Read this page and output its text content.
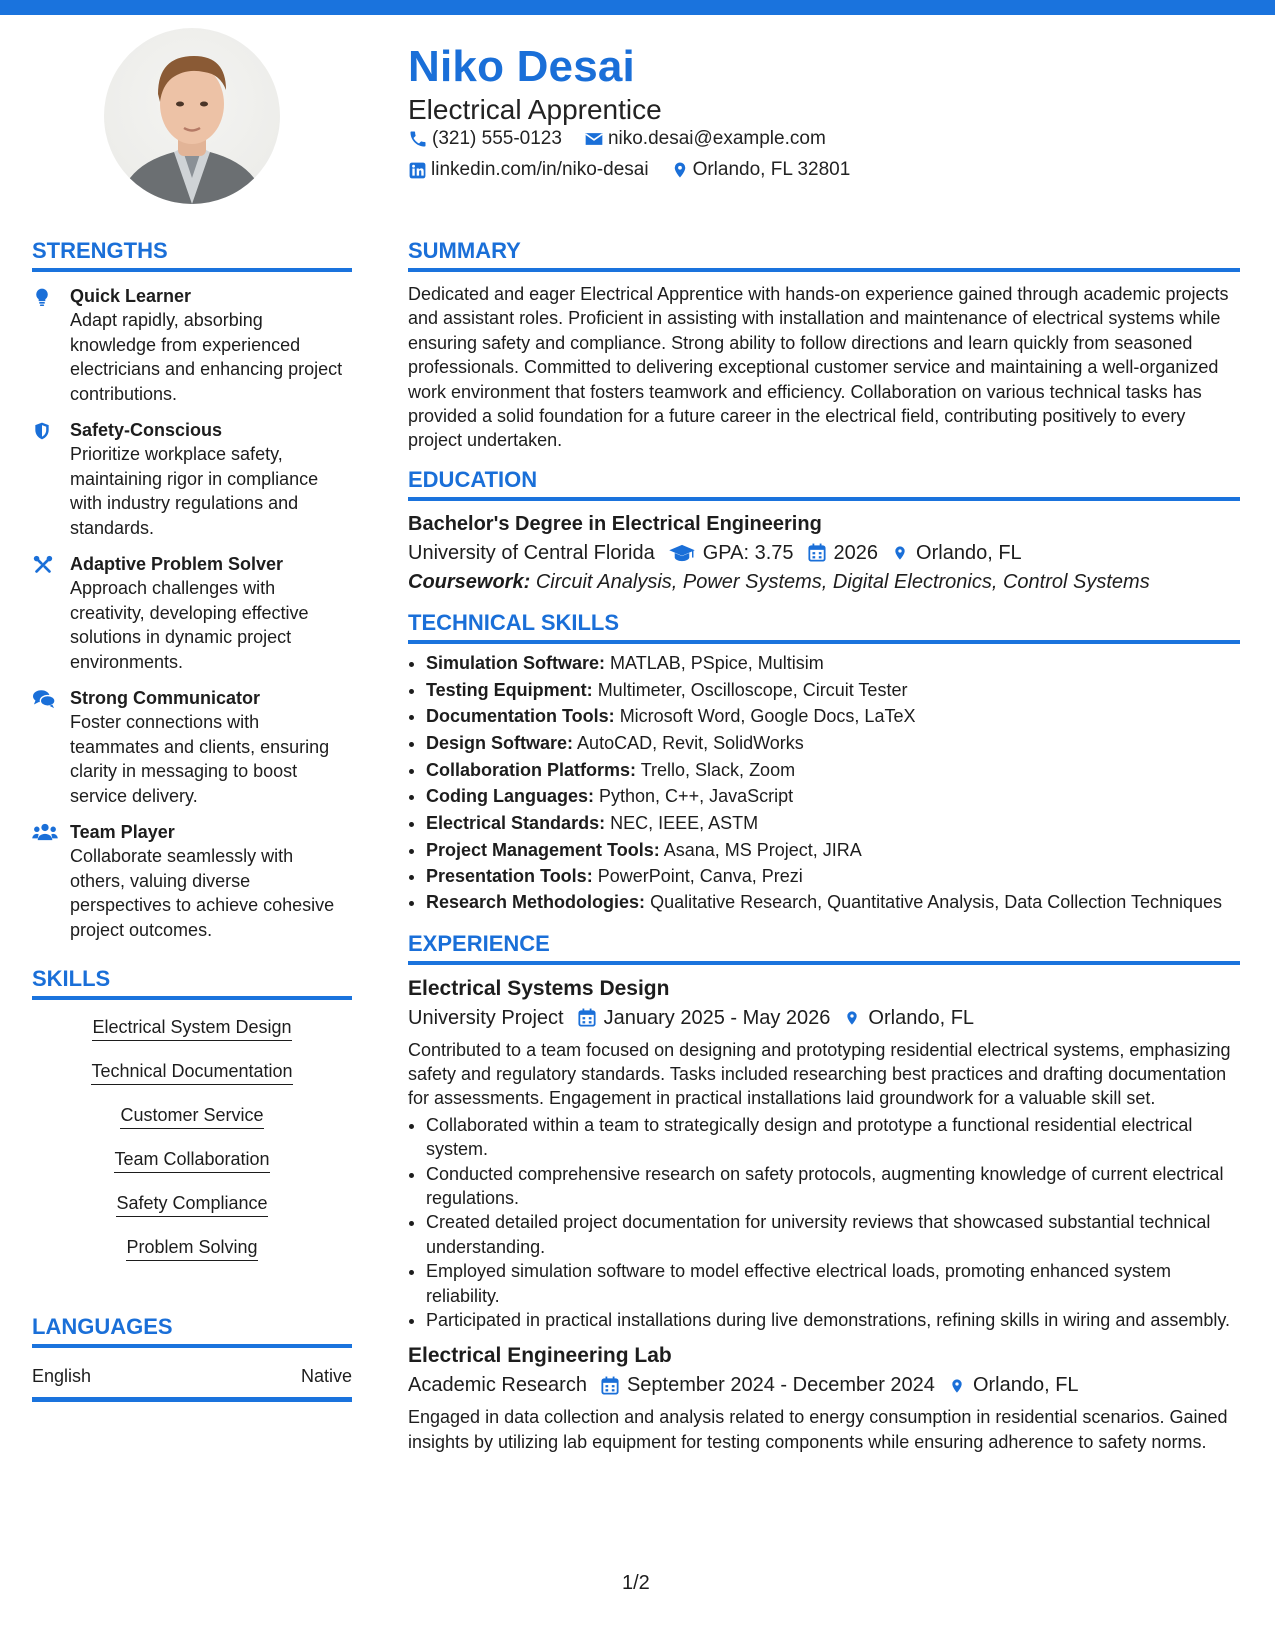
Niko Desai
Electrical Apprentice
(321) 555-0123 niko.desai@example.com
linkedin.com/in/niko-desai Orlando, FL 32801
STRENGTHS
Quick Learner
Adapt rapidly, absorbing knowledge from experienced electricians and enhancing project contributions.
Safety-Conscious
Prioritize workplace safety, maintaining rigor in compliance with industry regulations and standards.
Adaptive Problem Solver
Approach challenges with creativity, developing effective solutions in dynamic project environments.
Strong Communicator
Foster connections with teammates and clients, ensuring clarity in messaging to boost service delivery.
Team Player
Collaborate seamlessly with others, valuing diverse perspectives to achieve cohesive project outcomes.
SKILLS
Electrical System Design
Technical Documentation
Customer Service
Team Collaboration
Safety Compliance
Problem Solving
LANGUAGES
English	Native
SUMMARY

Dedicated and eager Electrical Apprentice with hands-on experience gained through academic projects and assistant roles. Proficient in assisting with installation and maintenance of electrical systems while ensuring safety and compliance. Strong ability to follow directions and learn quickly from seasoned professionals. Committed to delivering exceptional customer service and maintaining a well-organized work environment that fosters teamwork and efficiency. Collaboration on various technical tasks has provided a solid foundation for a future career in the electrical field, contributing positively to every project undertaken.

EDUCATION
Bachelor's Degree in Electrical Engineering
University of Central Florida GPA: 3.75 2026 Orlando, FL
Coursework: Circuit Analysis, Power Systems, Digital Electronics, Control Systems
TECHNICAL SKILLS
• Simulation Software: MATLAB, PSpice, Multisim
• Testing Equipment: Multimeter, Oscilloscope, Circuit Tester
• Documentation Tools: Microsoft Word, Google Docs, LaTeX
• Design Software: AutoCAD, Revit, SolidWorks
• Collaboration Platforms: Trello, Slack, Zoom
• Coding Languages: Python, C++, JavaScript
• Electrical Standards: NEC, IEEE, ASTM
• Project Management Tools: Asana, MS Project, JIRA
• Presentation Tools: PowerPoint, Canva, Prezi
• Research Methodologies: Qualitative Research, Quantitative Analysis, Data Collection Techniques
EXPERIENCE
Electrical Systems Design
University Project January 2025 - May 2026 Orlando, FL

Contributed to a team focused on designing and prototyping residential electrical systems, emphasizing safety and regulatory standards. Tasks included researching best practices and drafting documentation for assessments. Engagement in practical installations laid groundwork for a valuable skill set.

• Collaborated within a team to strategically design and prototype a functional residential electrical system.
• Conducted comprehensive research on safety protocols, augmenting knowledge of current electrical regulations.
• Created detailed project documentation for university reviews that showcased substantial technical understanding.
• Employed simulation software to model effective electrical loads, promoting enhanced system reliability.
• Participated in practical installations during live demonstrations, refining skills in wiring and assembly.
Electrical Engineering Lab
Academic Research September 2024 - December 2024 Orlando, FL

Engaged in data collection and analysis related to energy consumption in residential scenarios. Gained insights by utilizing lab equipment for testing components while ensuring adherence to safety norms.

1/2
